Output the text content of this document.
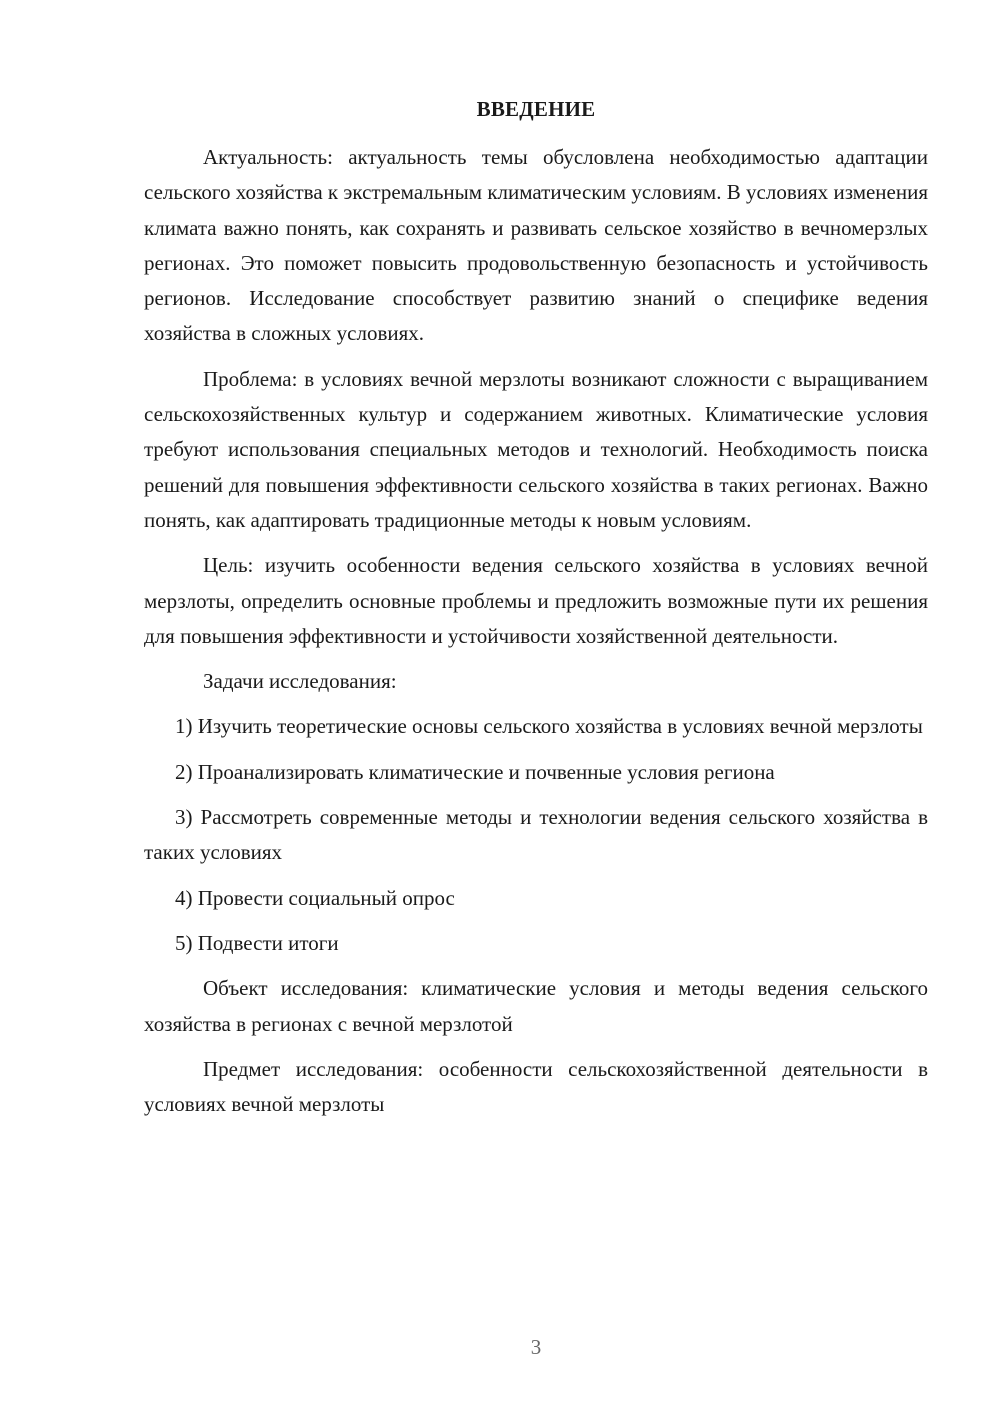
ВВЕДЕНИЕ

Актуальность: актуальность темы обусловлена необходимостью адаптации сельского хозяйства к экстремальным климатическим условиям. В условиях изменения климата важно понять, как сохранять и развивать сельское хозяйство в вечномерзлых регионах. Это поможет повысить продовольственную безопасность и устойчивость регионов. Исследование способствует развитию знаний о специфике ведения хозяйства в сложных условиях.

Проблема: в условиях вечной мерзлоты возникают сложности с выращиванием сельскохозяйственных культур и содержанием животных. Климатические условия требуют использования специальных методов и технологий. Необходимость поиска решений для повышения эффективности сельского хозяйства в таких регионах. Важно понять, как адаптировать традиционные методы к новым условиям.

Цель: изучить особенности ведения сельского хозяйства в условиях вечной мерзлоты, определить основные проблемы и предложить возможные пути их решения для повышения эффективности и устойчивости хозяйственной деятельности.

Задачи исследования:

1) Изучить теоретические основы сельского хозяйства в условиях вечной мерзлоты

2) Проанализировать климатические и почвенные условия региона

3) Рассмотреть современные методы и технологии ведения сельского хозяйства в таких условиях

4) Провести социальный опрос

5) Подвести итоги

Объект исследования: климатические условия и методы ведения сельского хозяйства в регионах с вечной мерзлотой

Предмет исследования: особенности сельскохозяйственной деятельности в условиях вечной мерзлоты

3
